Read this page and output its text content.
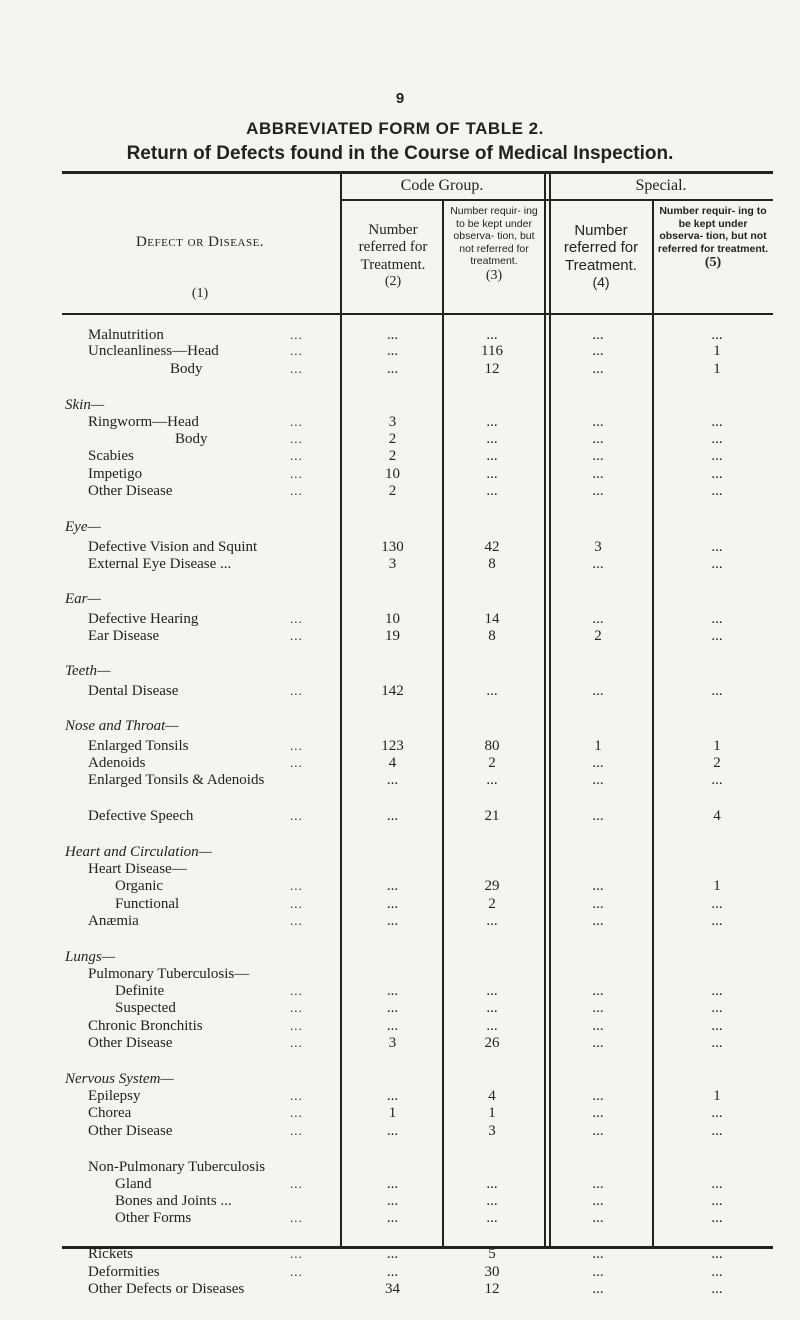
9
ABBREVIATED FORM OF TABLE 2.
Return of Defects found in the Course of Medical Inspection.
Code Group.	Special.
Defect or Disease.
(1)
Number referred for Treatment.
(2)
Number requir- ing to be kept under observa- tion, but not referred for treatment.
(3)
Number referred for Treatment.
(4)
Number requir- ing to be kept under observa- tion, but not referred for treatment.
(5)
Malnutrition	...	...	...	...	...
Uncleanliness—Head	...	...	116	...	1
Body	...	...	12	...	1
Skin—
Ringworm—Head	...	3	...	...	...
Body	...	2	...	...	...
Scabies	...	2	...	...	...
Impetigo	...	10	...	...	...
Other Disease	...	2	...	...	...
Eye—
Defective Vision and Squint	130	42	3	...
External Eye Disease ...	3	8	...	...
Ear—
Defective Hearing	...	10	14	...	...
Ear Disease	...	19	8	2	...
Teeth—
Dental Disease	...	142	...	...	...
Nose and Throat—
Enlarged Tonsils	...	123	80	1	1
Adenoids	...	4	2	...	2
Enlarged Tonsils & Adenoids	...	...	...	...
Defective Speech	...	...	21	...	4
Heart and Circulation—
Heart Disease—
Organic	...	...	29	...	1
Functional	...	...	2	...	...
Anæmia	...	...	...	...	...
Lungs—
Pulmonary Tuberculosis—
Definite	...	...	...	...	...
Suspected	...	...	...	...	...
Chronic Bronchitis	...	...	...	...	...
Other Disease	...	3	26	...	...
Nervous System—
Epilepsy	...	...	4	...	1
Chorea	...	1	1	...	...
Other Disease	...	...	3	...	...
Non-Pulmonary Tuberculosis
Gland	...	...	...	...	...
Bones and Joints ...	...	...	...	...
Other Forms	...	...	...	...	...
Rickets	...	...	5	...	...
Deformities	...	...	30	...	...
Other Defects or Diseases	34	12	...	...
